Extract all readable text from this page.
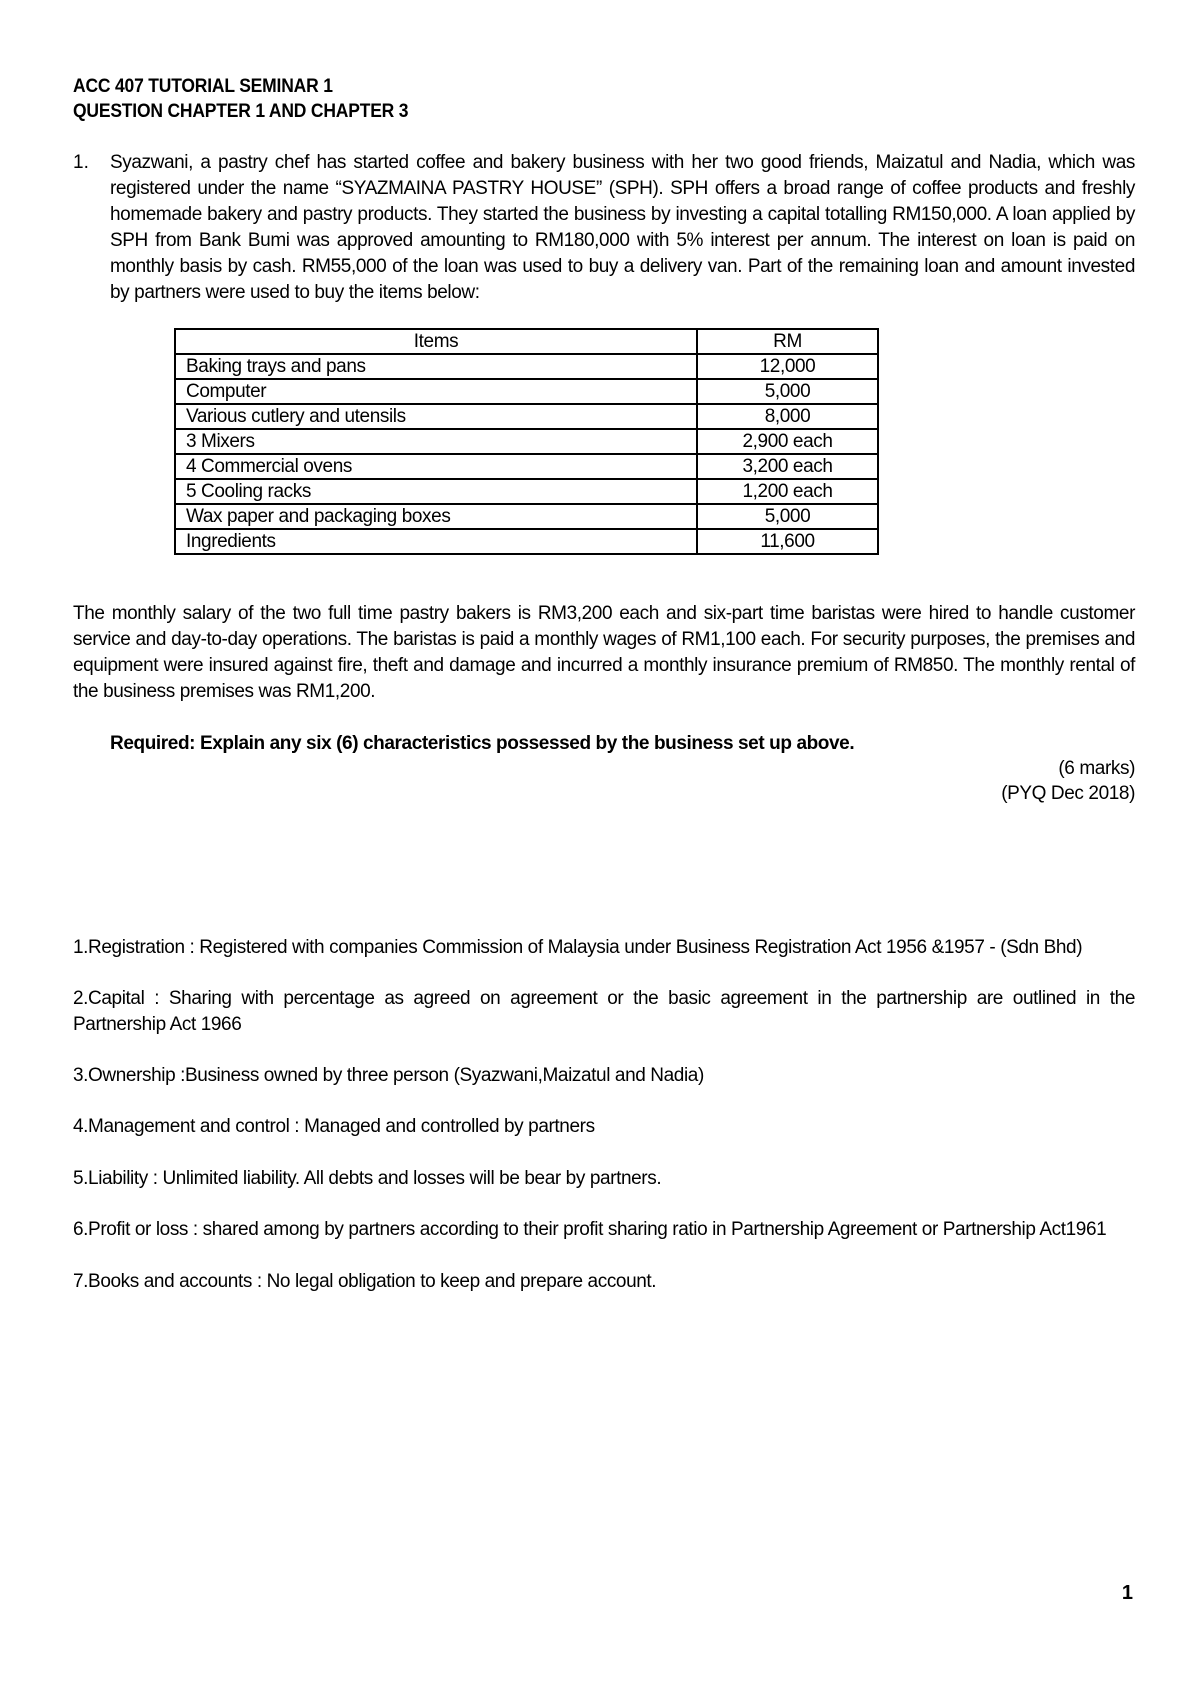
ACC 407 TUTORIAL SEMINAR 1
QUESTION CHAPTER 1 AND CHAPTER 3
1. Syazwani, a pastry chef has started coffee and bakery business with her two good friends, Maizatul and Nadia, which was registered under the name “SYAZMAINA PASTRY HOUSE” (SPH). SPH offers a broad range of coffee products and freshly homemade bakery and pastry products. They started the business by investing a capital totalling RM150,000. A loan applied by SPH from Bank Bumi was approved amounting to RM180,000 with 5% interest per annum. The interest on loan is paid on monthly basis by cash. RM55,000 of the loan was used to buy a delivery van. Part of the remaining loan and amount invested by partners were used to buy the items below:
Items	RM
Baking trays and pans	12,000
Computer	5,000
Various cutlery and utensils	8,000
3 Mixers	2,900 each
4 Commercial ovens	3,200 each
5 Cooling racks	1,200 each
Wax paper and packaging boxes	5,000
Ingredients	11,600
The monthly salary of the two full time pastry bakers is RM3,200 each and six-part time baristas were hired to handle customer service and day-to-day operations. The baristas is paid a monthly wages of RM1,100 each. For security purposes, the premises and equipment were insured against fire, theft and damage and incurred a monthly insurance premium of RM850. The monthly rental of the business premises was RM1,200.
Required: Explain any six (6) characteristics possessed by the business set up above.
(6 marks)
(PYQ Dec 2018)
1.Registration : Registered with companies Commission of Malaysia under Business Registration Act 1956 &1957 - (Sdn Bhd)
2.Capital : Sharing with percentage as agreed on agreement or the basic agreement in the partnership are outlined in the Partnership Act 1966
3.Ownership :Business owned by three person (Syazwani,Maizatul and Nadia)
4.Management and control : Managed and controlled by partners
5.Liability : Unlimited liability. All debts and losses will be bear by partners.
6.Profit or loss : shared among by partners according to their profit sharing ratio in Partnership Agreement or Partnership Act1961
7.Books and accounts : No legal obligation to keep and prepare account.
1
